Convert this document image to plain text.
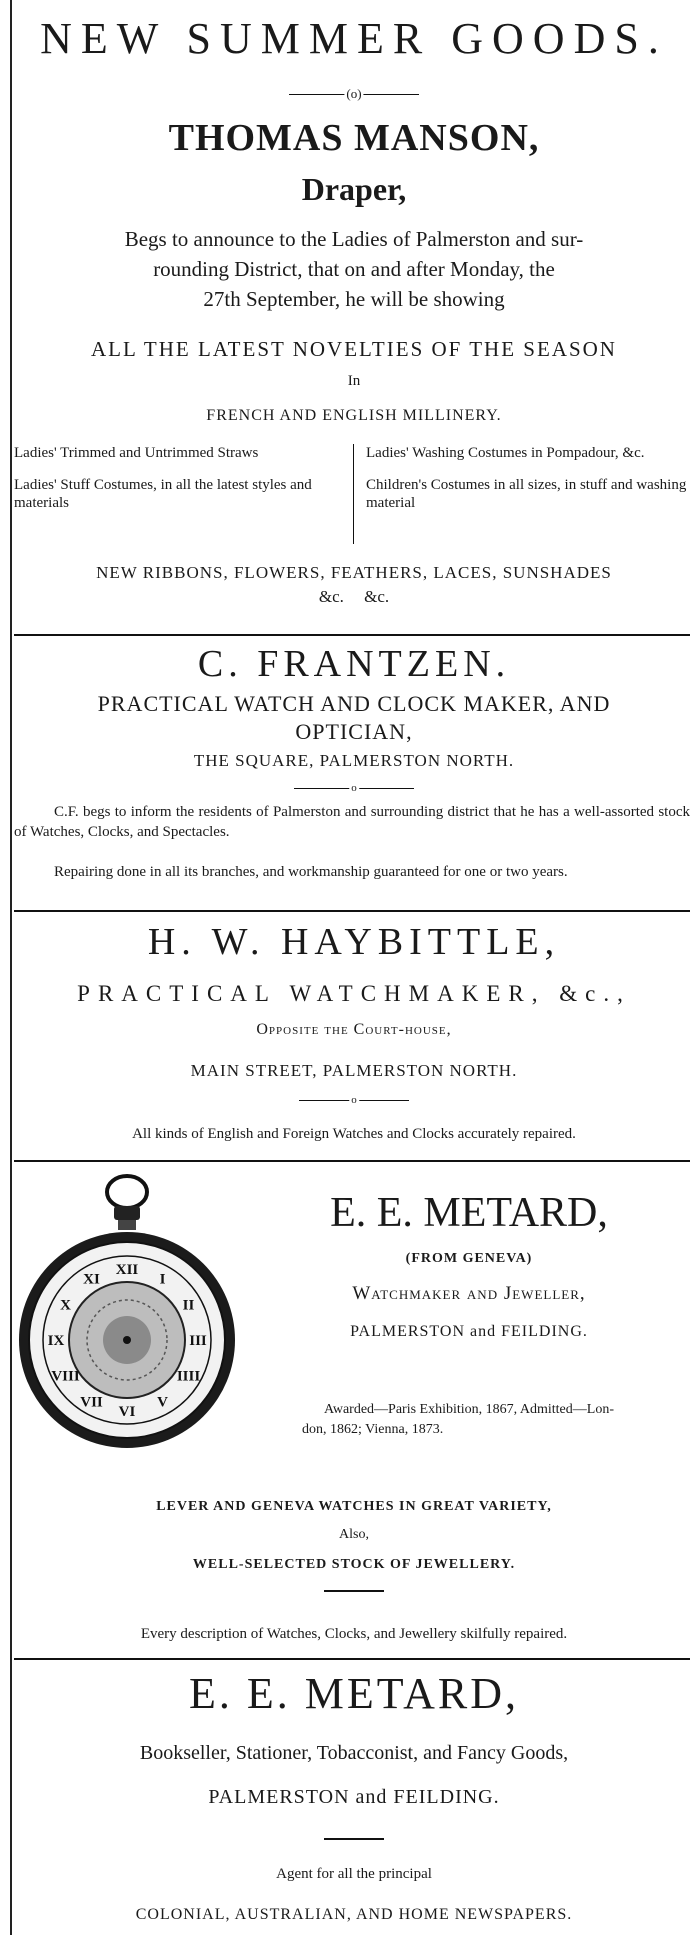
NEW SUMMER GOODS.
(o)
THOMAS MANSON,
Draper,
Begs to announce to the Ladies of Palmerston and sur-
rounding District, that on and after Monday, the
27th September, he will be showing
ALL THE LATEST NOVELTIES OF THE SEASON
In
FRENCH AND ENGLISH MILLINERY.

Ladies' Trimmed and Untrimmed Straws

Ladies' Stuff Costumes, in all the latest styles and materials

Ladies' Washing Costumes in Pompadour, &c.

Children's Costumes in all sizes, in stuff and washing material

NEW RIBBONS, FLOWERS, FEATHERS, LACES, SUNSHADES
&c. &c.
C. FRANTZEN.
PRACTICAL WATCH AND CLOCK MAKER, AND
OPTICIAN,
THE SQUARE, PALMERSTON NORTH.
o
C.F. begs to inform the residents of Palmerston and surrounding district that he has a well-assorted stock of Watches, Clocks, and Spectacles.
Repairing done in all its branches, and workmanship guaranteed for one or two years.
H. W. HAYBITTLE,
PRACTICAL WATCHMAKER, &c.,
Opposite the Court-house,
MAIN STREET, PALMERSTON NORTH.
o
All kinds of English and Foreign Watches and Clocks accurately repaired.
XII
I
II
III
IIII
V
VI
VII
VIII
IX
X
XI
E. E. METARD,
(FROM GENEVA)
Watchmaker and Jeweller,
PALMERSTON and FEILDING.
Awarded—Paris Exhibition, 1867, Admitted—Lon-
don, 1862; Vienna, 1873.
LEVER AND GENEVA WATCHES IN GREAT VARIETY,
Also,
WELL-SELECTED STOCK OF JEWELLERY.
Every description of Watches, Clocks, and Jewellery skilfully repaired.
E. E. METARD,
Bookseller, Stationer, Tobacconist, and Fancy Goods,
PALMERSTON and FEILDING.
Agent for all the principal
COLONIAL, AUSTRALIAN, AND HOME NEWSPAPERS.
